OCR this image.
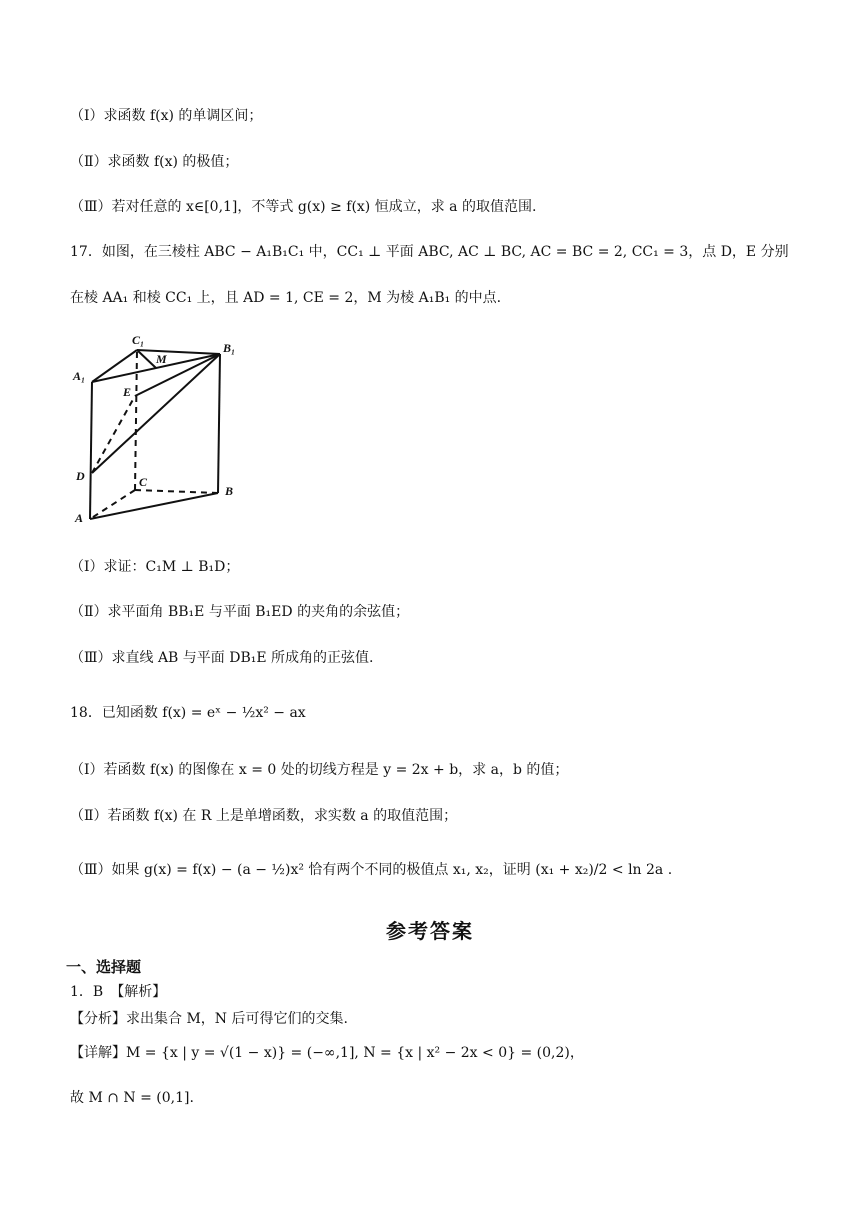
（Ⅰ）求函数 f(x) 的单调区间；
（Ⅱ）求函数 f(x) 的极值；
（Ⅲ）若对任意的 x∈[0,1]，不等式 g(x) ≥ f(x) 恒成立，求 a 的取值范围.
17．如图，在三棱柱 ABC − A₁B₁C₁ 中，CC₁ ⊥ 平面 ABC, AC ⊥ BC, AC = BC = 2, CC₁ = 3，点 D，E 分别
在棱 AA₁ 和棱 CC₁ 上，且 AD = 1, CE = 2，M 为棱 A₁B₁ 的中点.
C₁
B₁
A₁
M
E
D	C
B
A
（Ⅰ）求证：C₁M ⊥ B₁D；
（Ⅱ）求平面角 BB₁E 与平面 B₁ED 的夹角的余弦值；
（Ⅲ）求直线 AB 与平面 DB₁E 所成角的正弦值.
18．已知函数 f(x) = eˣ − ½x² − ax
（Ⅰ）若函数 f(x) 的图像在 x = 0 处的切线方程是 y = 2x + b，求 a，b 的值；
（Ⅱ）若函数 f(x) 在 R 上是单增函数，求实数 a 的取值范围；
（Ⅲ）如果 g(x) = f(x) − (a − ½)x² 恰有两个不同的极值点 x₁, x₂，证明 (x₁ + x₂)/2 < ln 2a .
参考答案
一、选择题
1．B　【解析】
【分析】求出集合 M，N 后可得它们的交集.
【详解】M = {x | y = √(1 − x)} = (−∞,1], N = {x | x² − 2x < 0} = (0,2)，
故 M ∩ N = (0,1].
